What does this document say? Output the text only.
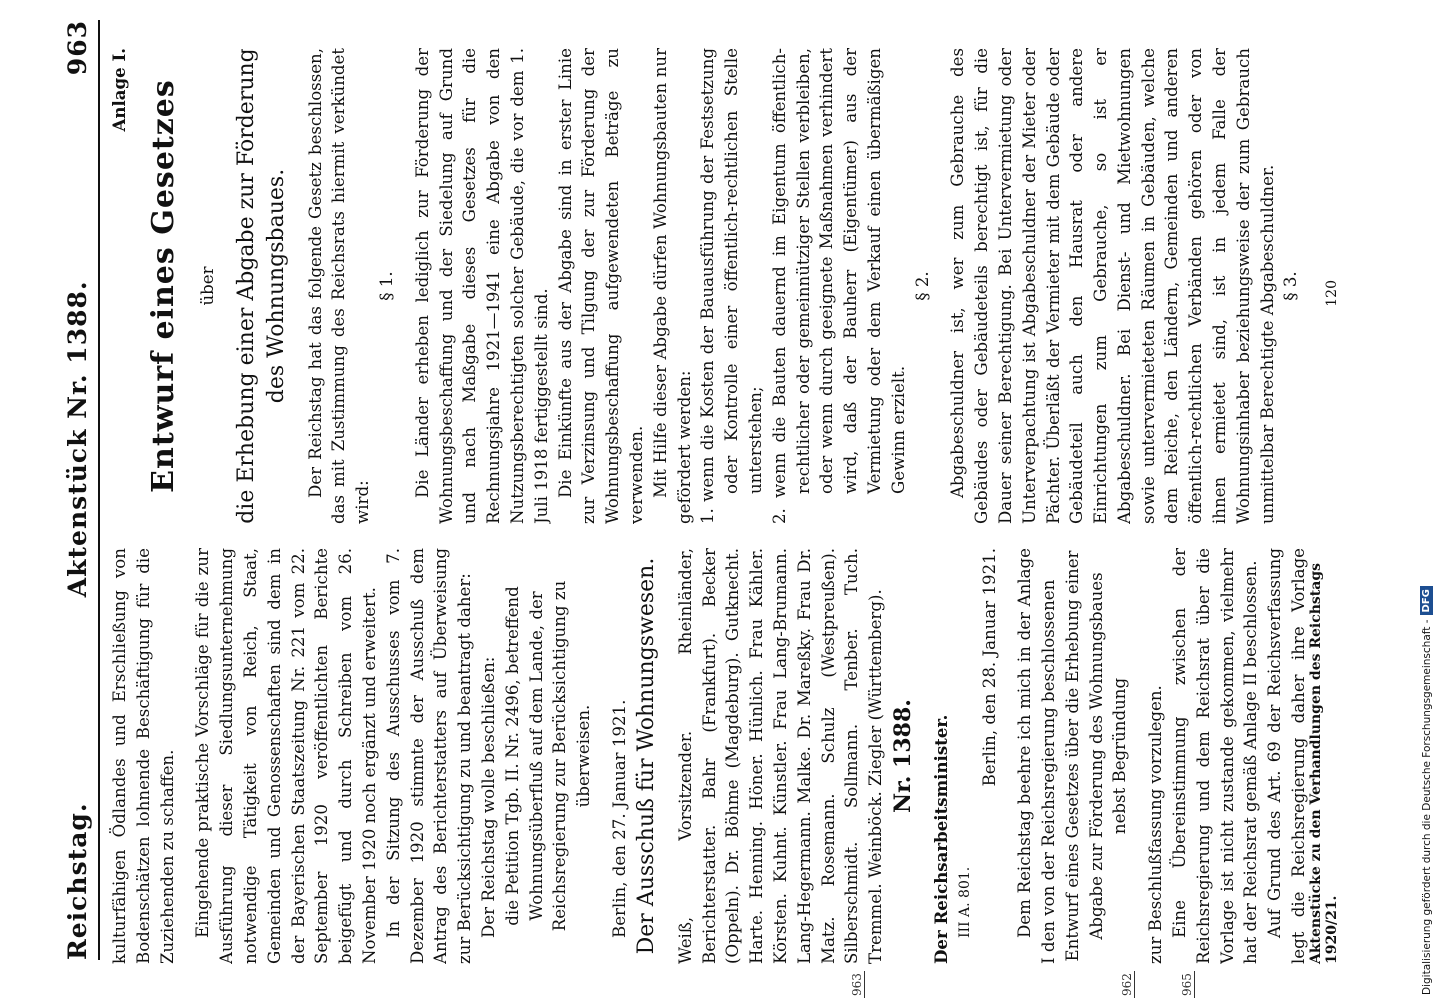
Reichstag.
Aktenstück Nr. 1388.
963

kulturfähigen Ödlandes und Erschließung von Bodenschätzen lohnende Beschäftigung für die Zuziehenden zu schaffen. Eingehende praktische Vorschläge für die zur Ausführung dieser Siedlungsunternehmung notwendige Tätigkeit von Reich, Staat, Gemeinden und Genossenschaften sind dem in der Bayerischen Staatszeitung Nr. 221 vom 22. September 1920 veröffentlichten Berichte beigefügt und durch Schreiben vom 26. November 1920 noch ergänzt und erweitert. In der Sitzung des Ausschusses vom 7. Dezember 1920 stimmte der Ausschuß dem Antrag des Berichterstatters auf Überweisung zur Berücksichtigung zu und beantragt daher: Der Reichstag wolle beschließen: die Petition Tgb. II. Nr. 2496, betreffend Wohnungsüberfluß auf dem Lande, der Reichsregierung zur Berücksichtigung zu überweisen. Berlin, den 27. Januar 1921. Der Ausschuß für Wohnungswesen. Weiß, Vorsitzender. Rheinländer, Berichterstatter. Bahr (Frankfurt). Becker (Oppeln). Dr. Böhme (Magdeburg). Gutknecht. Harte. Henning. Höner. Hünlich. Frau Kähler. Körsten. Kuhnt. Künstler. Frau Lang-Brumann. Lang-Hegermann. Malke. Dr. Mareßky. Frau Dr. Matz. Rosemann. Schulz (Westpreußen). Silberschmidt. Sollmann. Tenber. Tuch. Tremmel. Weinböck. Ziegler (Württemberg). Nr. 1388. Der Reichsarbeitsminister. III A. 801.

Berlin, den 28. Januar 1921. Dem Reichstag beehre ich mich in der Anlage I den von der Reichsregierung beschlossenen Entwurf eines Gesetzes über die Erhebung einer Abgabe zur Förderung des Wohnungsbaues nebst Begründung zur Beschlußfassung vorzulegen. Eine Übereinstimmung zwischen der Reichsregierung und dem Reichsrat über die Vorlage ist nicht zustande gekommen, vielmehr hat der Reichsrat gemäß Anlage II beschlossen. Auf Grund des Art. 69 der Reichsverfassung legt die Reichsregierung daher ihre Vorlage

Anlage I. Entwurf eines Gesetzes über die Erhebung einer Abgabe zur Förderung des Wohnungsbaues. Der Reichstag hat das folgende Gesetz beschlossen, das mit Zustimmung des Reichsrats hiermit verkündet wird:

§ 1. Die Länder erheben lediglich zur Förderung der Wohnungsbeschaffung und der Siedelung auf Grund und nach Maßgabe dieses Gesetzes für die Rechnungsjahre 1921—1941 eine Abgabe von den Nutzungsberechtigten solcher Gebäude, die vor dem 1. Juli 1918 fertiggestellt sind. Die Einkünfte aus der Abgabe sind in erster Linie zur Verzinsung und Tilgung der zur Förderung der Wohnungsbeschaffung aufgewendeten Beträge zu verwenden. Mit Hilfe dieser Abgabe dürfen Wohnungsbauten nur gefördert werden: 1. wenn die Kosten der Bauausführung der Festsetzung oder Kontrolle einer öffentlich-rechtlichen Stelle unterstehen; 2. wenn die Bauten dauernd im Eigentum öffentlich-rechtlicher oder gemeinnütziger Stellen verbleiben, oder wenn durch geeignete Maßnahmen verhindert wird, daß der Bauherr (Eigentümer) aus der Vermietung oder dem Verkauf einen übermäßigen Gewinn erzielt.

§ 2. Abgabeschuldner ist, wer zum Gebrauche des Gebäudes oder Gebäudeteils berechtigt ist, für die Dauer seiner Berechtigung. Bei Untervermietung oder Unterverpachtung ist Abgabeschuldner der Mieter oder Pächter. Überläßt der Vermieter mit dem Gebäude oder Gebäudeteil auch den Hausrat oder andere Einrichtungen zum Gebrauche, so ist er Abgabeschuldner. Bei Dienst- und Mietwohnungen sowie untervermieteten Räumen in Gebäuden, welche dem Reiche, den Ländern, Gemeinden und anderen öffentlich-rechtlichen Verbänden gehören oder von ihnen ermietet sind, ist in jedem Falle der Wohnungsinhaber beziehungsweise der zum Gebrauch unmittelbar Berechtigte Abgabeschuldner. § 3.

963	962	965
Aktenstücke zu den Verhandlungen des Reichstags 1920/21.
120
Digitalisierung gefördert durch die Deutsche Forschungsgemeinschaft -
DFG
